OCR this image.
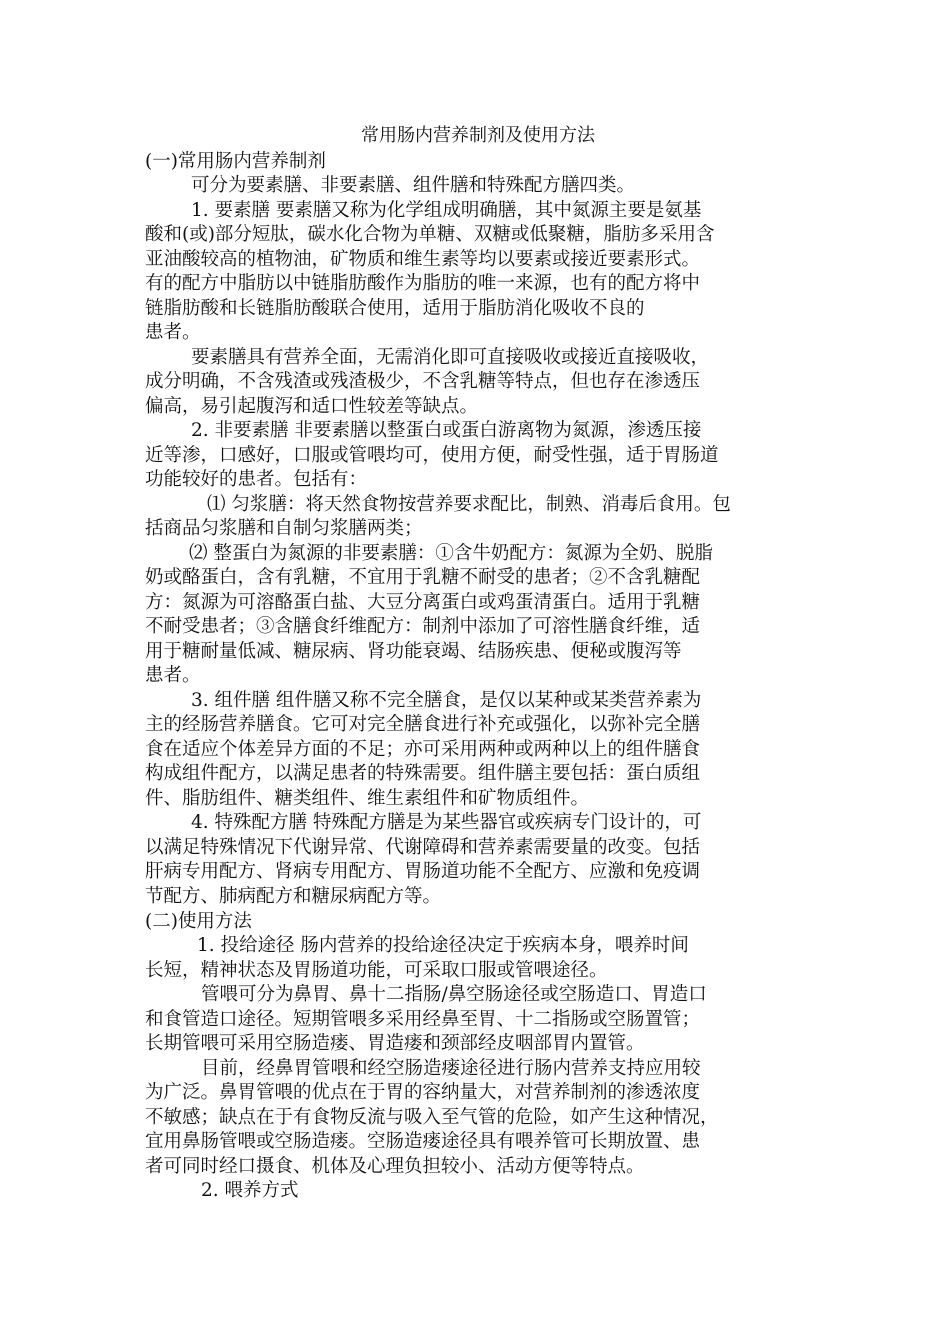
常用肠内营养制剂及使用方法

(一)常用肠内营养制剂

可分为要素膳、非要素膳、组件膳和特殊配方膳四类。

1. 要素膳 要素膳又称为化学组成明确膳，其中氮源主要是氨基

酸和(或)部分短肽，碳水化合物为单糖、双糖或低聚糖，脂肪多采用含

亚油酸较高的植物油，矿物质和维生素等均以要素或接近要素形式。

有的配方中脂肪以中链脂肪酸作为脂肪的唯一来源，也有的配方将中

链脂肪酸和长链脂肪酸联合使用，适用于脂肪消化吸收不良的

患者。

要素膳具有营养全面，无需消化即可直接吸收或接近直接吸收，

成分明确，不含残渣或残渣极少，不含乳糖等特点，但也存在渗透压

偏高，易引起腹泻和适口性较差等缺点。

2. 非要素膳 非要素膳以整蛋白或蛋白游离物为氮源，渗透压接

近等渗，口感好，口服或管喂均可，使用方便，耐受性强，适于胃肠道

功能较好的患者。包括有：

⑴ 匀浆膳：将天然食物按营养要求配比，制熟、消毒后食用。包

括商品匀浆膳和自制匀浆膳两类；

⑵ 整蛋白为氮源的非要素膳：①含牛奶配方：氮源为全奶、脱脂

奶或酪蛋白，含有乳糖，不宜用于乳糖不耐受的患者；②不含乳糖配

方：氮源为可溶酪蛋白盐、大豆分离蛋白或鸡蛋清蛋白。适用于乳糖

不耐受患者；③含膳食纤维配方：制剂中添加了可溶性膳食纤维，适

用于糖耐量低减、糖尿病、肾功能衰竭、结肠疾患、便秘或腹泻等

患者。

3. 组件膳 组件膳又称不完全膳食，是仅以某种或某类营养素为

主的经肠营养膳食。它可对完全膳食进行补充或强化，以弥补完全膳

食在适应个体差异方面的不足；亦可采用两种或两种以上的组件膳食

构成组件配方，以满足患者的特殊需要。组件膳主要包括：蛋白质组

件、脂肪组件、糖类组件、维生素组件和矿物质组件。

4. 特殊配方膳 特殊配方膳是为某些器官或疾病专门设计的，可

以满足特殊情况下代谢异常、代谢障碍和营养素需要量的改变。包括

肝病专用配方、肾病专用配方、胃肠道功能不全配方、应激和免疫调

节配方、肺病配方和糖尿病配方等。

(二)使用方法

1. 投给途径 肠内营养的投给途径决定于疾病本身，喂养时间

长短，精神状态及胃肠道功能，可采取口服或管喂途径。

管喂可分为鼻胃、鼻十二指肠/鼻空肠途径或空肠造口、胃造口

和食管造口途径。短期管喂多采用经鼻至胃、十二指肠或空肠置管；

长期管喂可采用空肠造瘘、胃造瘘和颈部经皮咽部胃内置管。

目前，经鼻胃管喂和经空肠造瘘途径进行肠内营养支持应用较

为广泛。鼻胃管喂的优点在于胃的容纳量大，对营养制剂的渗透浓度

不敏感；缺点在于有食物反流与吸入至气管的危险，如产生这种情况，

宜用鼻肠管喂或空肠造瘘。空肠造瘘途径具有喂养管可长期放置、患

者可同时经口摄食、机体及心理负担较小、活动方便等特点。

2. 喂养方式
